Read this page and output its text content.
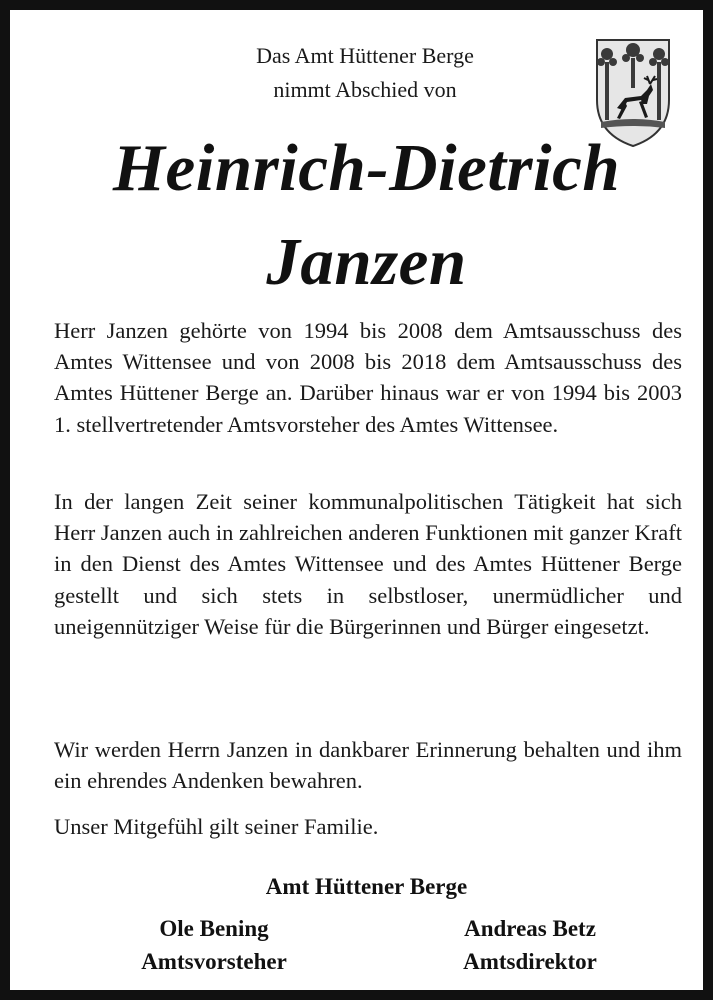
Das Amt Hüttener Berge
nimmt Abschied von
Heinrich-Dietrich
Janzen

Herr Janzen gehörte von 1994 bis 2008 dem Amtsausschuss des Amtes Wittensee und von 2008 bis 2018 dem Amtsausschuss des Amtes Hüttener Berge an. Darüber hinaus war er von 1994 bis 2003 1. stellvertretender Amtsvorsteher des Amtes Wittensee.

In der langen Zeit seiner kommunalpolitischen Tätigkeit hat sich Herr Janzen auch in zahlreichen anderen Funktionen mit ganzer Kraft in den Dienst des Amtes Wittensee und des Amtes Hüttener Berge gestellt und sich stets in selbstloser, unermüdlicher und uneigennütziger Weise für die Bürgerinnen und Bürger eingesetzt.

Wir werden Herrn Janzen in dankbarer Erinnerung behalten und ihm ein ehrendes Andenken bewahren.

Unser Mitgefühl gilt seiner Familie.

Amt Hüttener Berge
Ole Bening
Amtsvorsteher
Andreas Betz
Amtsdirektor
